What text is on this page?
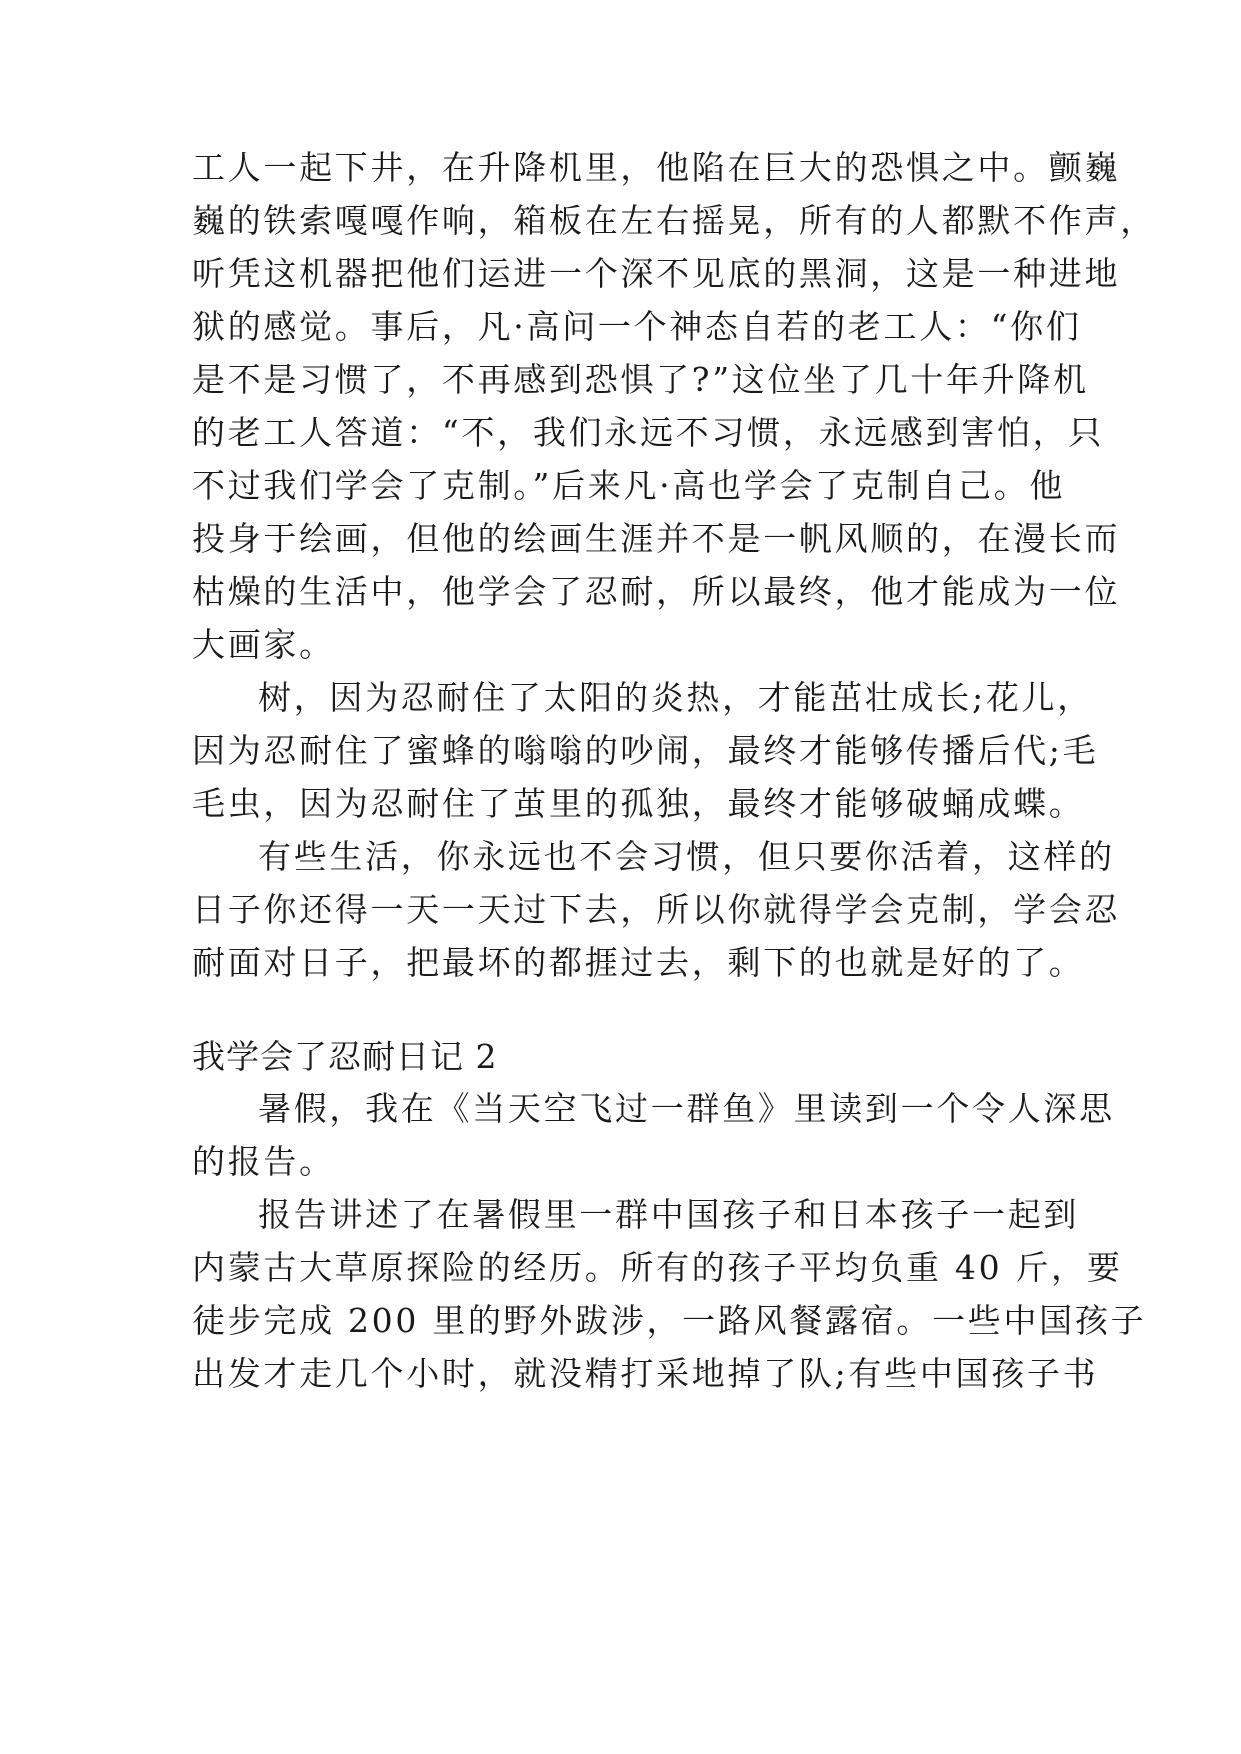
工人一起下井，在升降机里，他陷在巨大的恐惧之中。颤巍
巍的铁索嘎嘎作响，箱板在左右摇晃，所有的人都默不作声，
听凭这机器把他们运进一个深不见底的黑洞，这是一种进地
狱的感觉。事后，凡·高问一个神态自若的老工人：“你们
是不是习惯了，不再感到恐惧了?”这位坐了几十年升降机
的老工人答道：“不，我们永远不习惯，永远感到害怕，只
不过我们学会了克制。”后来凡·高也学会了克制自己。他
投身于绘画，但他的绘画生涯并不是一帆风顺的，在漫长而
枯燥的生活中，他学会了忍耐，所以最终，他才能成为一位
大画家。
树，因为忍耐住了太阳的炎热，才能茁壮成长;花儿，
因为忍耐住了蜜蜂的嗡嗡的吵闹，最终才能够传播后代;毛
毛虫，因为忍耐住了茧里的孤独，最终才能够破蛹成蝶。
有些生活，你永远也不会习惯，但只要你活着，这样的
日子你还得一天一天过下去，所以你就得学会克制，学会忍
耐面对日子，把最坏的都捱过去，剩下的也就是好的了。
我学会了忍耐日记 2
暑假，我在《当天空飞过一群鱼》里读到一个令人深思
的报告。
报告讲述了在暑假里一群中国孩子和日本孩子一起到
内蒙古大草原探险的经历。所有的孩子平均负重 40 斤，要
徒步完成 200 里的野外跋涉，一路风餐露宿。一些中国孩子
出发才走几个小时，就没精打采地掉了队;有些中国孩子书
